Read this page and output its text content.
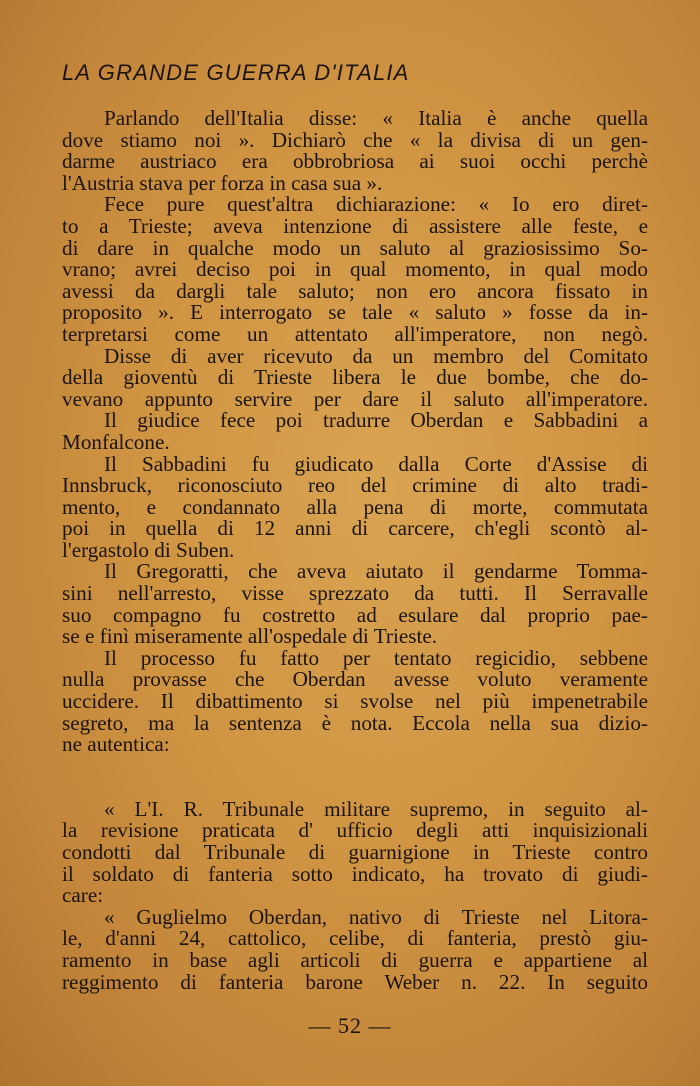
LA GRANDE GUERRA D'ITALIA
Parlando dell'Italia disse: « Italia è anche quella
dove stiamo noi ». Dichiarò che « la divisa di un gen-
darme austriaco era obbrobriosa ai suoi occhi perchè
l'Austria stava per forza in casa sua ».
Fece pure quest'altra dichiarazione: « Io ero diret-
to a Trieste; aveva intenzione di assistere alle feste, e
di dare in qualche modo un saluto al graziosissimo So-
vrano; avrei deciso poi in qual momento, in qual modo
avessi da dargli tale saluto; non ero ancora fissato in
proposito ». E interrogato se tale « saluto » fosse da in-
terpretarsi come un attentato all'imperatore, non negò.
Disse di aver ricevuto da un membro del Comitato
della gioventù di Trieste libera le due bombe, che do-
vevano appunto servire per dare il saluto all'imperatore.
Il giudice fece poi tradurre Oberdan e Sabbadini a
Monfalcone.
Il Sabbadini fu giudicato dalla Corte d'Assise di
Innsbruck, riconosciuto reo del crimine di alto tradi-
mento, e condannato alla pena di morte, commutata
poi in quella di 12 anni di carcere, ch'egli scontò al-
l'ergastolo di Suben.
Il Gregoratti, che aveva aiutato il gendarme Tomma-
sini nell'arresto, visse sprezzato da tutti. Il Serravalle
suo compagno fu costretto ad esulare dal proprio pae-
se e finì miseramente all'ospedale di Trieste.
Il processo fu fatto per tentato regicidio, sebbene
nulla provasse che Oberdan avesse voluto veramente
uccidere. Il dibattimento si svolse nel più impenetrabile
segreto, ma la sentenza è nota. Eccola nella sua dizio-
ne autentica:
« L'I. R. Tribunale militare supremo, in seguito al-
la revisione praticata d' ufficio degli atti inquisizionali
condotti dal Tribunale di guarnigione in Trieste contro
il soldato di fanteria sotto indicato, ha trovato di giudi-
care:
« Guglielmo Oberdan, nativo di Trieste nel Litora-
le, d'anni 24, cattolico, celibe, di fanteria, prestò giu-
ramento in base agli articoli di guerra e appartiene al
reggimento di fanteria barone Weber n. 22. In seguito
— 52 —
